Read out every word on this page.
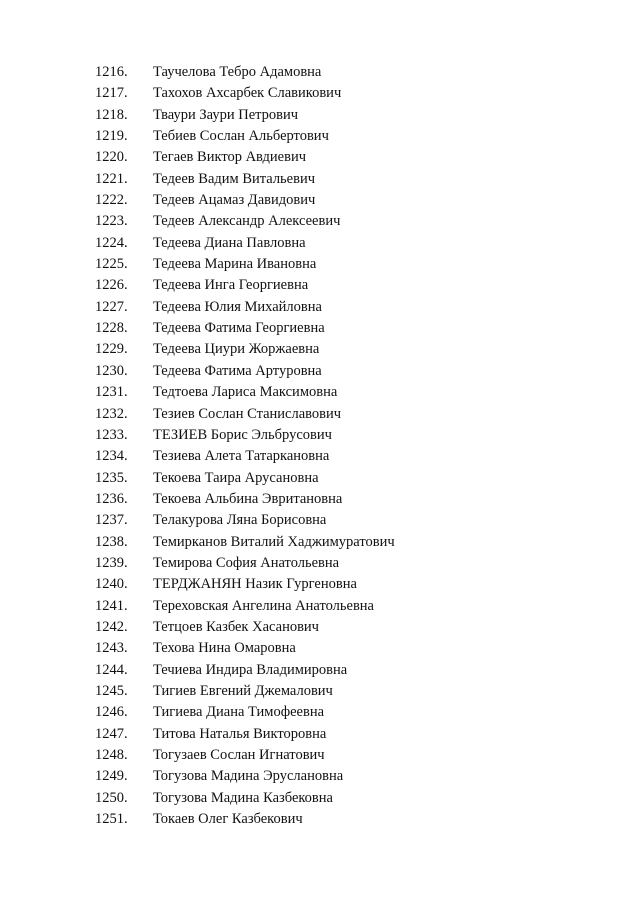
1216.	Таучелова Тебро Адамовна
1217.	Тахохов Ахсарбек Славикович
1218.	Тваури Заури Петрович
1219.	Тебиев Сослан Альбертович
1220.	Тегаев Виктор Авдиевич
1221.	Тедеев Вадим Витальевич
1222.	Тедеев Ацамаз Давидович
1223.	Тедеев Александр Алексеевич
1224.	Тедеева Диана Павловна
1225.	Тедеева Марина Ивановна
1226.	Тедеева Инга Георгиевна
1227.	Тедеева Юлия Михайловна
1228.	Тедеева Фатима Георгиевна
1229.	Тедеева Циури Жоржаевна
1230.	Тедеева Фатима Артуровна
1231.	Тедтоева Лариса Максимовна
1232.	Тезиев Сослан Станиславович
1233.	ТЕЗИЕВ Борис Эльбрусович
1234.	Тезиева Алета Татаркановна
1235.	Текоева Таира Арусановна
1236.	Текоева Альбина Эвритановна
1237.	Телакурова Ляна Борисовна
1238.	Темирканов Виталий Хаджимуратович
1239.	Темирова София Анатольевна
1240.	ТЕРДЖАНЯН Назик Гургеновна
1241.	Тереховская Ангелина Анатольевна
1242.	Тетцоев Казбек Хасанович
1243.	Техова Нина Омаровна
1244.	Течиева Индира Владимировна
1245.	Тигиев Евгений Джемалович
1246.	Тигиева Диана Тимофеевна
1247.	Титова Наталья Викторовна
1248.	Тогузаев Сослан Игнатович
1249.	Тогузова Мадина Эруслановна
1250.	Тогузова Мадина Казбековна
1251.	Токаев Олег Казбекович
